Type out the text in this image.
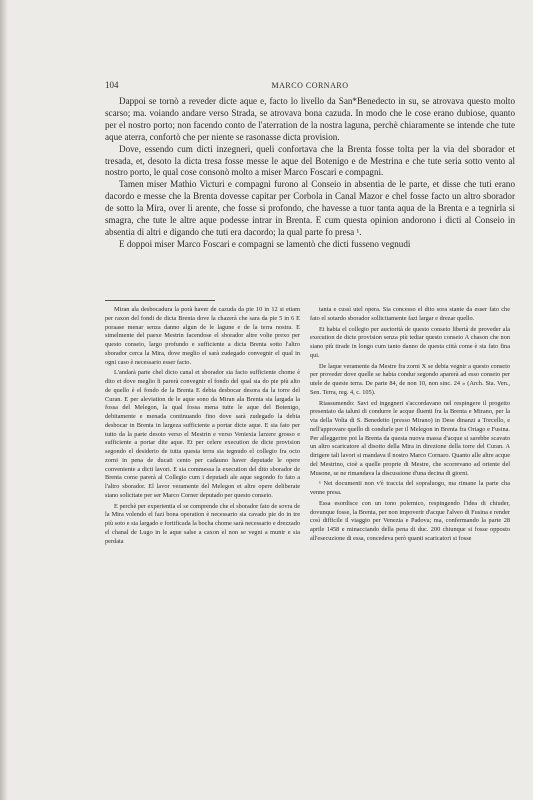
104	MARCO CORNARO

Dappoi se tornò a reveder dicte aque e, facto lo livello da San*Benedecto in su, se atrovava questo molto scarso; ma. voiando andare verso Strada, se atrovava bona cazuda. In modo che le cose erano dubiose, quanto per el nostro porto; non facendo conto de l'aterration de la nostra laguna, perchè chiaramente se intende che tute aque aterra, confortò che per niente se rasonasse dicta provision.

Dove, essendo cum dicti inzegneri, queli confortava che la Brenta fosse tolta per la via del sborador et tresada, et, desoto la dicta tresa fosse messe le aque del Botenigo e de Mestrina e che tute seria sotto vento al nostro porto, le qual cose consonò molto a miser Marco Foscari e compagni.

Tamen miser Mathio Victuri e compagni furono al Conseio in absentia de le parte, et disse che tuti erano dacordo e messe che la Brenta dovesse capitar per Corbola in Canal Mazor e chel fosse facto un altro sborador de sotto la Mira, over li arente, che fosse si profondo, che havesse a tuor tanta aqua de la Brenta e a tegnirla si smagra, che tute le altre aque podesse intrar in Brenta. E cum questa opinion andorono i dicti al Conseio in absentia di altri e digando che tuti era dacordo; la qual parte fo presa ¹.

E doppoi miser Marco Foscari e compagni se lamentò che dicti fusseno vegnudi

Miran ala desbocadura la porà haver de cazuda da pie 10 in 12 si etiam per raxon del fondi de dicta Brenta dove la chazerà che sara da pie 5 in 6 E poraase menar senza danno algun de le lagune e de la terra nostra. E simelmente del paexe Mestrin facendose el sborador altre volte prexo per questo conseio, largo profundo e sufficiente a dicta Brenta sotto l'altro sborador cerca la Mira, dove meglio el sarà zudegado convegnir el qual in ogni caso è necessario esser facto.

L'andarà parte chel dicto canal et sborador sia facto sufficiente chome è dito et dove meglio li parerà convegnir el fondo del qual sia do pie più alto de quello è el fondo de la Brenta E debia desbocar desora da la torre del Curan. E per aleviation de le aque sono da Miran ala Brenta sia largada la fossa del Melegon, la qual fossa mena tutte le aque del Botenigo, debitamente e menada continuando fino dove sarà zudegado la debia desbocar in Brenta in largeza sufficiente a portar dicte aque. E sia fato per tutto da la parte desoto verso el Mestrin e verso Veniexia larzere grosso e sufficiente a portar dite aque. Et per celere execution de dicte provision segondo el desiderio de tutta questa terra sia tegnudo el collegio fra octo zorni in pena de ducati cento per cadauno haver deputade le opere conveniente a dicti lavori. E sia commessa la execution del dito sborador de Brenta come parerà al Collegio cum i deputadi ale aque segondo fo fato a l'altro sborador. El lavor veramente del Melegon et altre opere deliberate siano solicitate per ser Marco Corner deputado per questo conseio.

E perchè per experientia el se comprende che el sborador fato de sovra de la Mira volendo el fazi bona operation è necessario sia cavado pie do in tre più soto e sia largado e fortificada la bocha chome sarà necessario e drezzado el chanal de Lugo in le aque salse a caxon el non se vegni a munir e sia perdata

tanta e cussì utel opera. Sia concesso el dito sora stante da esser fato che fato el sotardo sborador sollicitamente fazi largar e drezar quello.

Et habia el collegio per auctorità de questo conseio libertà de proveder ala execution de dicte provision senza più tediar questo conseio A chason che non siano più tirade in longo cum tanto danno de questa città come è sta fato fina qui.

De laque veramente da Mestre fra zorni X se debia vegnir a questo conseio per proveder dove quelle se habia condur segondo aparerà ad esso conseio per utele de queste terra. De parte 84, de non 10, non sinc. 24 » (Arch. Sta. Ven., Sen. Terra, reg. 4, c. 105).

Riassumendo: Savi ed ingegneri s'accordavano nel respingere il progetto presentato da taluni di condurre le acque fluenti fra la Brenta e Mirano, per la via della Volta di S. Benedetto (presso Mirano) in Dese dinanzi a Torcello, e nell'approvare quello di condurle per il Melegon in Brenta fra Oriago e Fusina. Per alleggerire poi la Brenta da questa nuova massa d'acque si sarebbe scavato un altro scaricatore al disotto della Mira in direzione della torre del Curan. A dirigere tali lavori si mandava il nostro Marco Cornaro. Quanto alle altre acque del Mestrino, cioè a quelle proprie di Mestre, che scorrevano ad oriente del Musone, se ne rimandava la discussione d'una decina di giorni.

¹ Nei documenti non v'è traccia del sopraluogo, ma rimane la parte cha venne presa.

Essa esordisce con un tono polemico, respingendo l'idea di chiuder, dovunque fosse, la Brenta, per non impoverir d'acque l'alveo di Fusina e render così difficile il viaggio per Venezia e Padova; ma, confermando la parte 28 aprile 1458 e minacciando della pena di duc. 200 chiunque si fosse opposto all'esecuzione di essa, concedeva però quanti scaricatori si fosse
